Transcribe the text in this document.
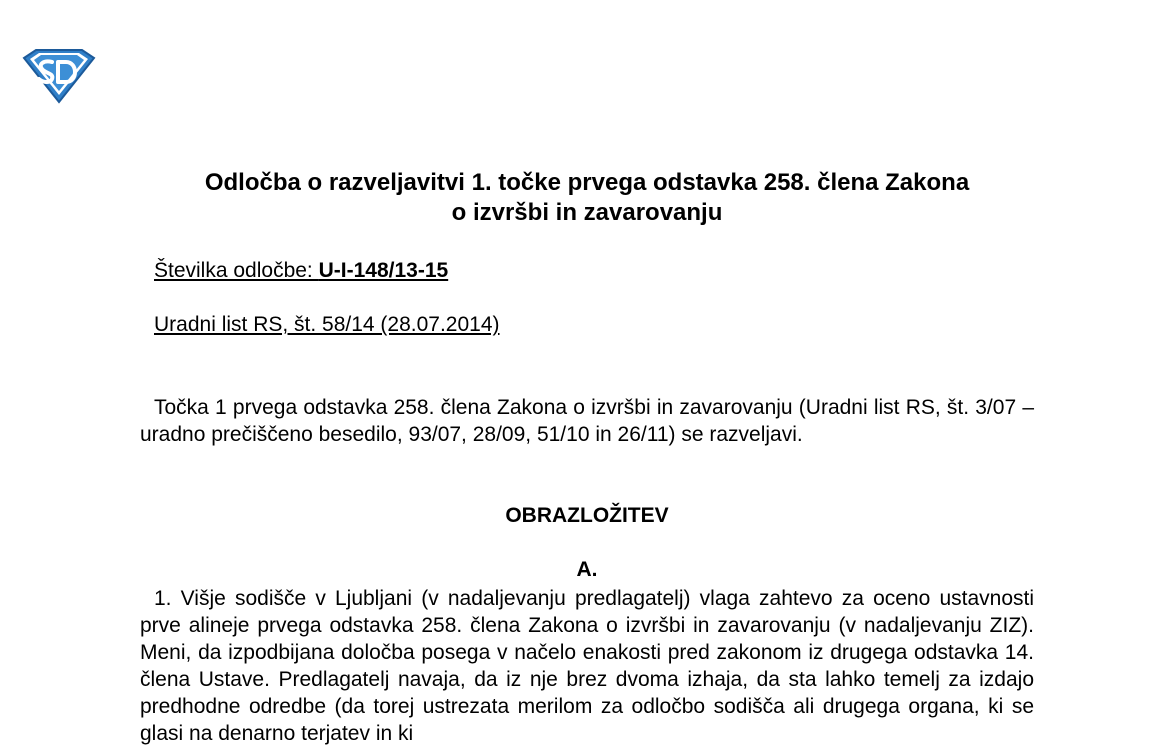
Odločba o razveljavitvi 1. točke prvega odstavka 258. člena Zakona
o izvršbi in zavarovanju

Številka odločbe: U-I-148/13-15

Uradni list RS, št. 58/14 (28.07.2014)

Točka 1 prvega odstavka 258. člena Zakona o izvršbi in zavarovanju (Uradni list RS, št. 3/07 – uradno prečiščeno besedilo, 93/07, 28/09, 51/10 in 26/11) se razveljavi.

OBRAZLOŽITEV

A.

1. Višje sodišče v Ljubljani (v nadaljevanju predlagatelj) vlaga zahtevo za oceno ustavnosti prve alineje prvega odstavka 258. člena Zakona o izvršbi in zavarovanju (v nadaljevanju ZIZ). Meni, da izpodbijana določba posega v načelo enakosti pred zakonom iz drugega odstavka 14. člena Ustave. Predlagatelj navaja, da iz nje brez dvoma izhaja, da sta lahko temelj za izdajo predhodne odredbe (da torej ustrezata merilom za odločbo sodišča ali drugega organa, ki se glasi na denarno terjatev in ki
